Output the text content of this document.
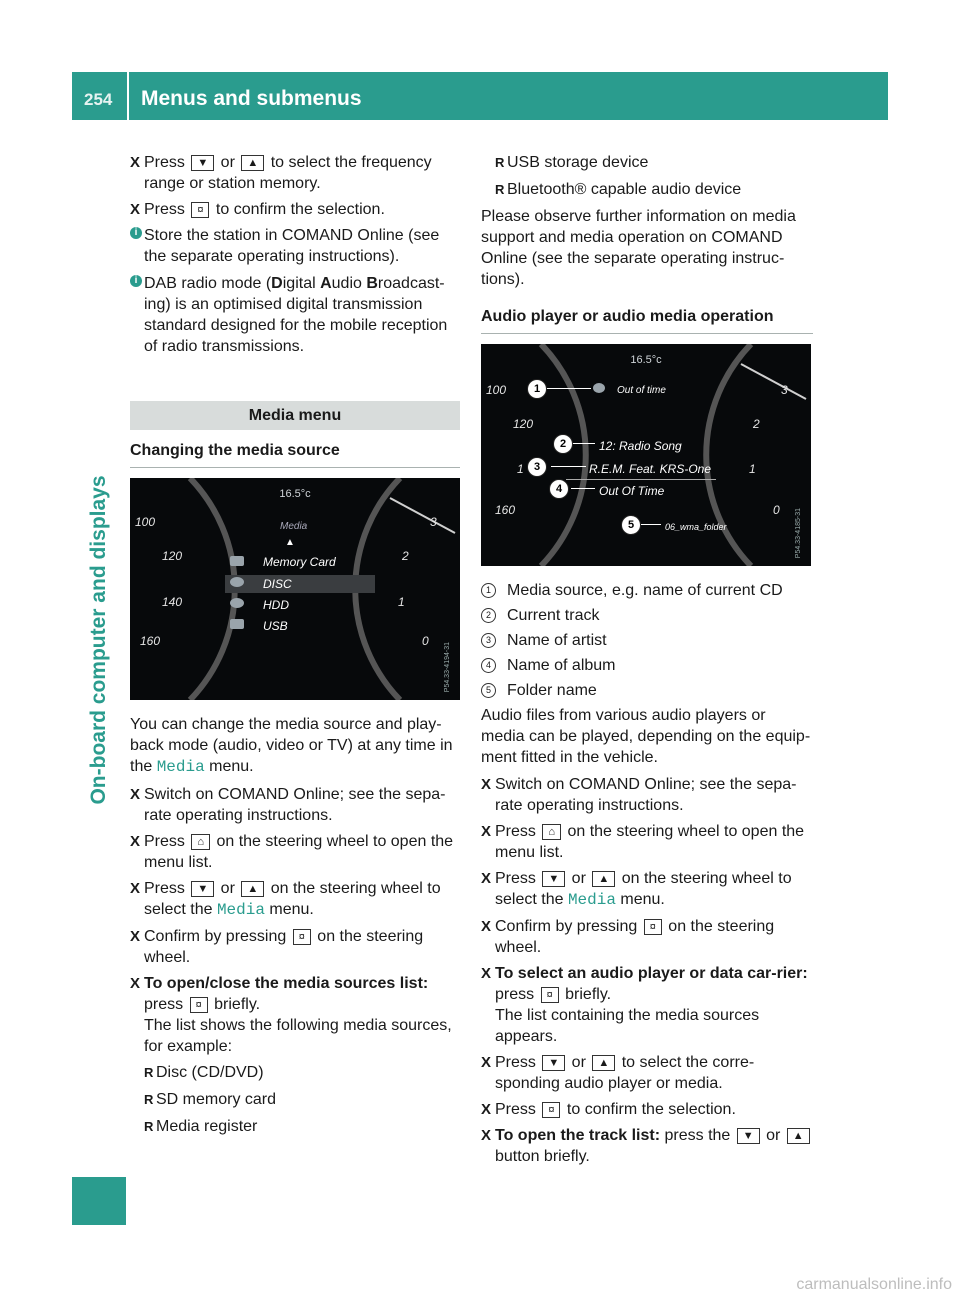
254 Menus and submenus
On-board computer and displays
X Press ▼ or ▲ to select the frequency range or station memory.
X Press ¤ to confirm the selection.
i Store the station in COMAND Online (see the separate operating instructions).
i DAB radio mode (Digital Audio Broadcast-ing) is an optimised digital transmission standard designed for the mobile reception of radio transmissions.
Media menu
Changing the media source
16.5°c
Media
▲
Memory Card
DISC
HDD
USB
100
120
140
160
3
2
1
0
P54.33-4194-31
You can change the media source and play-back mode (audio, video or TV) at any time in the Media menu.
X Switch on COMAND Online; see the sepa-rate operating instructions.
X Press ⌂ on the steering wheel to open the menu list.
X Press ▼ or ▲ on the steering wheel to select the Media menu.
X Confirm by pressing ¤ on the steering wheel.
X To open/close the media sources list:
press ¤ briefly.
The list shows the following media sources, for example:
R Disc (CD/DVD)
R SD memory card
R Media register
R USB storage device
R Bluetooth® capable audio device
Please observe further information on media support and media operation on COMAND Online (see the separate operating instruc-tions).
Audio player or audio media operation
16.5°c
Out of time
12: Radio Song
R.E.M. Feat. KRS-One
Out Of Time
06_wma_folder
1
2
3
4
5
100
120
1
160
3
2
1
0	P54.33-4185-31
1	Media source, e.g. name of current CD
2	Current track
3	Name of artist
4	Name of album
5	Folder name
Audio files from various audio players or media can be played, depending on the equip-ment fitted in the vehicle.
X Switch on COMAND Online; see the sepa-rate operating instructions.
X Press ⌂ on the steering wheel to open the menu list.
X Press ▼ or ▲ on the steering wheel to select the Media menu.
X Confirm by pressing ¤ on the steering wheel.
X To select an audio player or data car-rier: press ¤ briefly.
The list containing the media sources appears.
X Press ▼ or ▲ to select the corre-sponding audio player or media.
X Press ¤ to confirm the selection.
X To open the track list: press the ▼ or ▲ button briefly.
carmanualsonline.info
